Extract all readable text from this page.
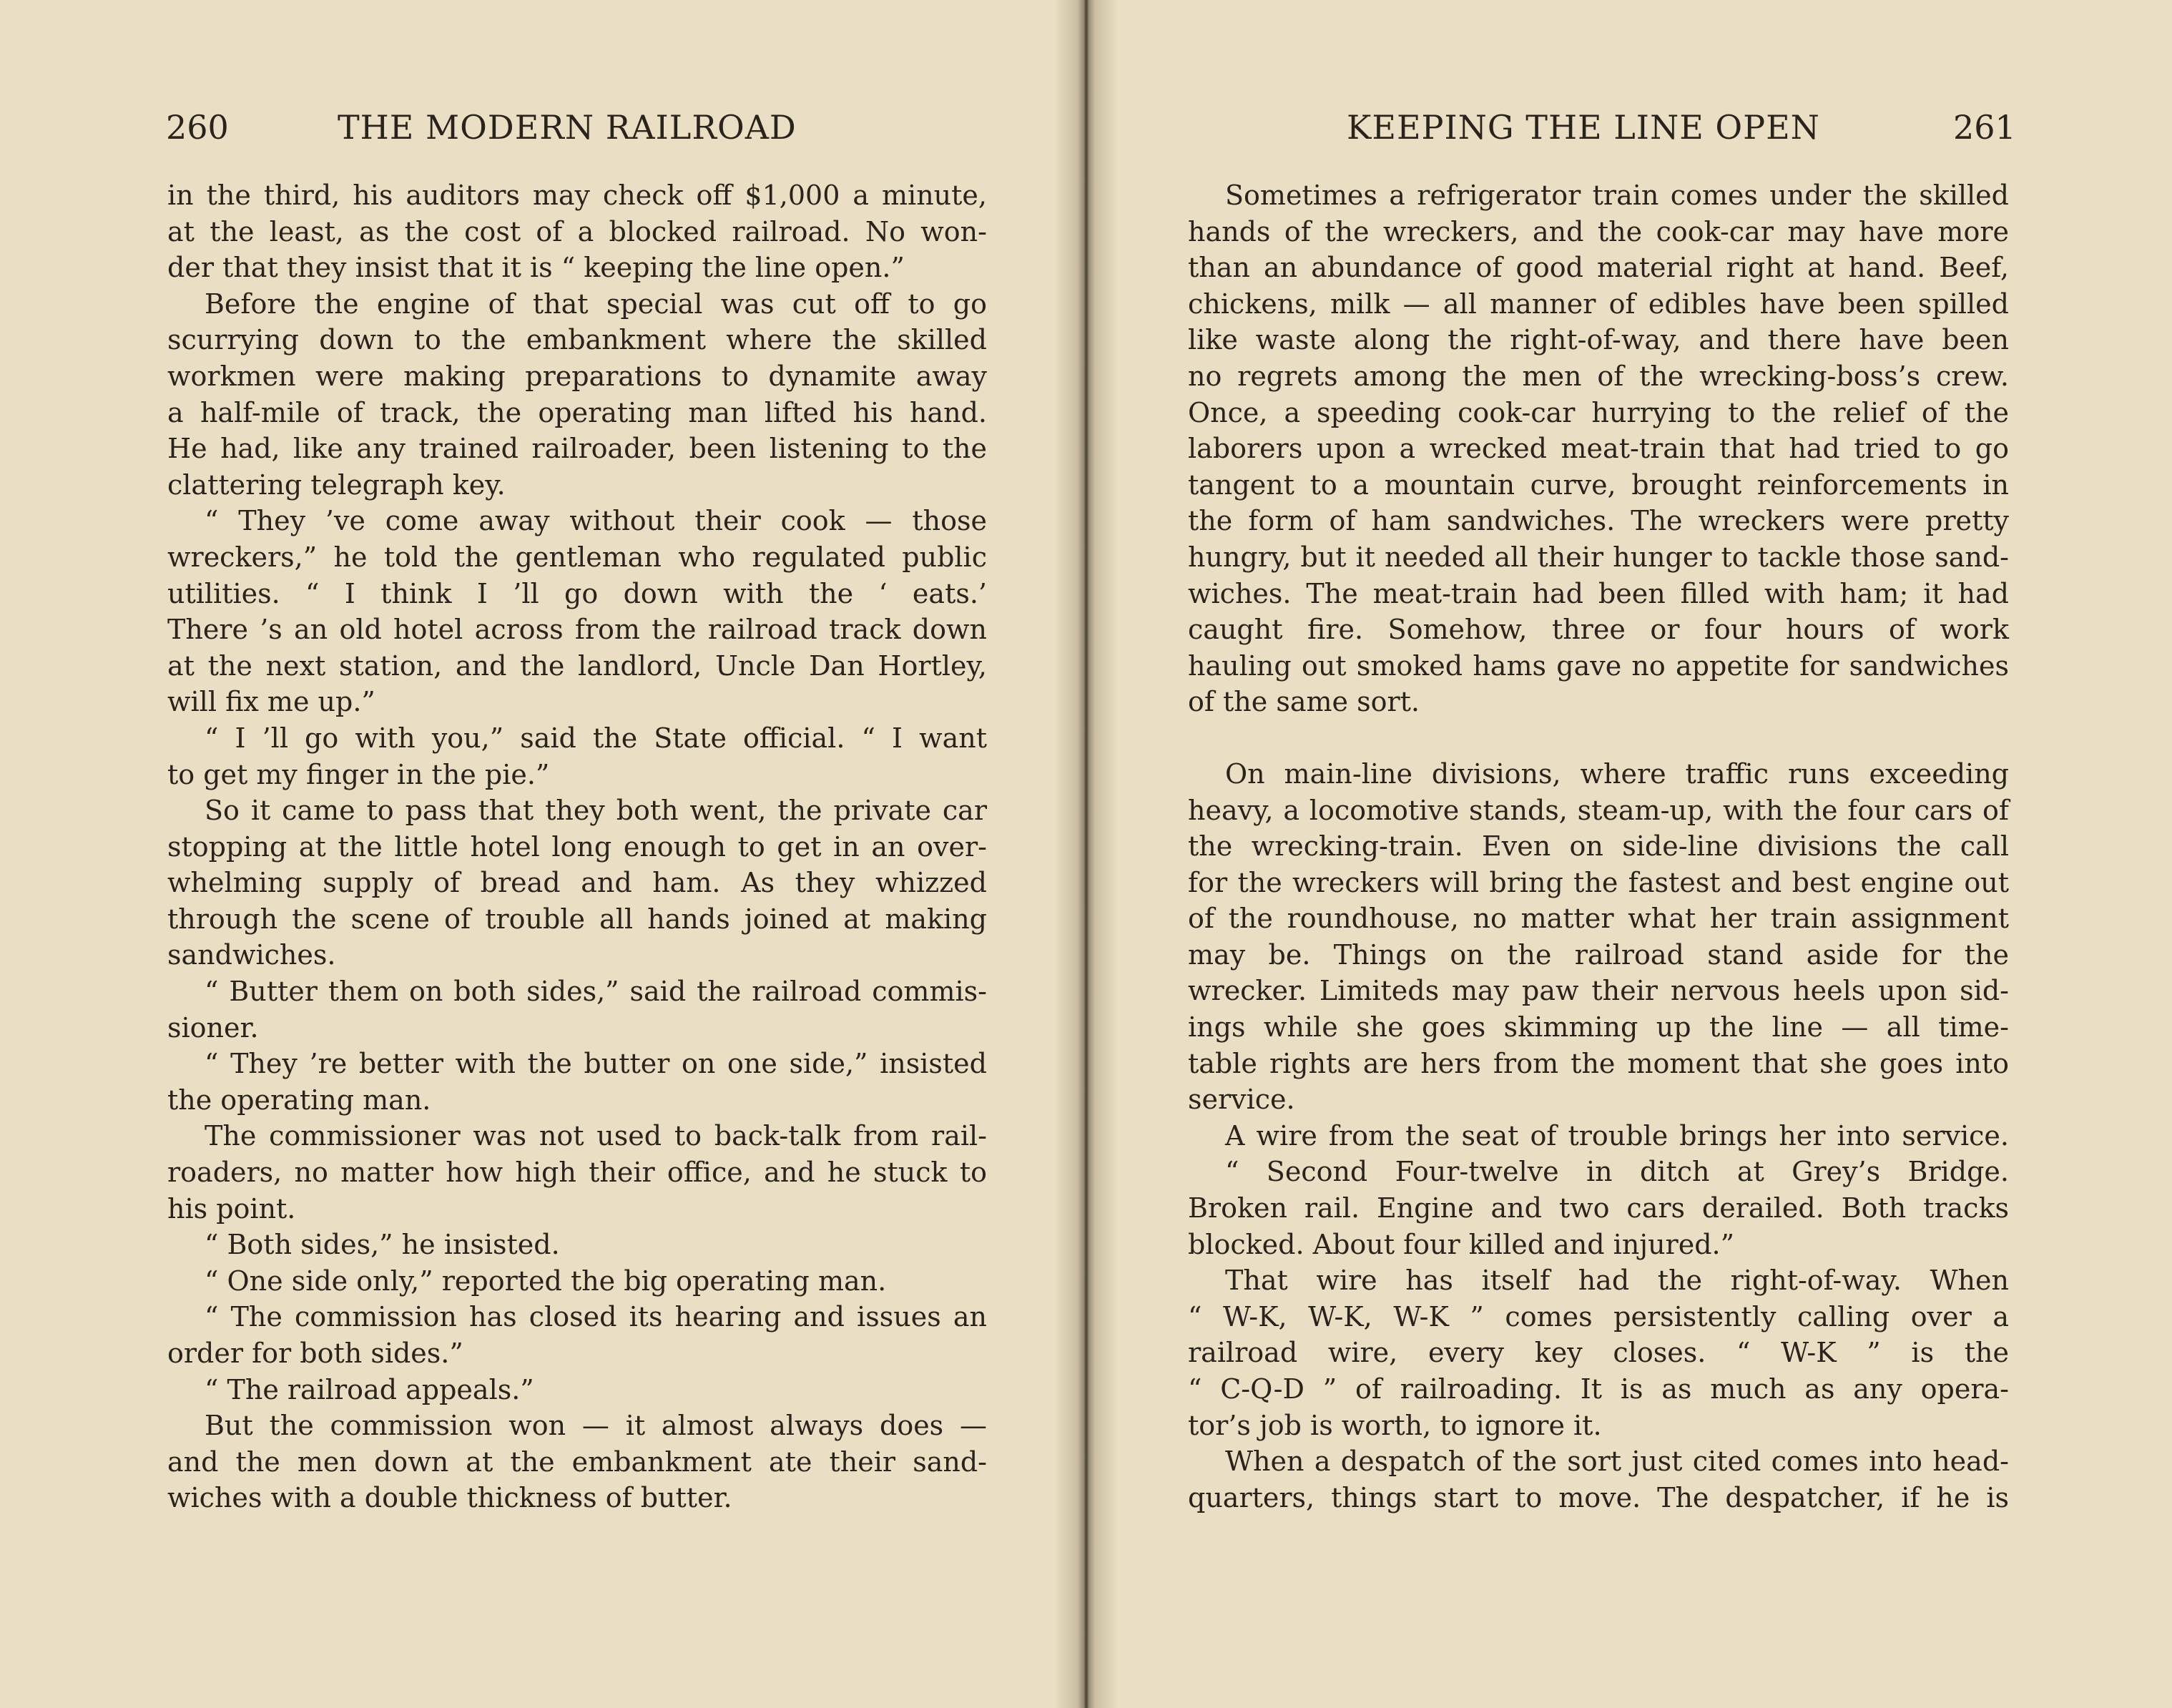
260	THE MODERN RAILROAD
in the third, his auditors may check off $1,000 a minute,
at the least, as the cost of a blocked railroad. No won-
der that they insist that it is “ keeping the line open.”
Before the engine of that special was cut off to go
scurrying down to the embankment where the skilled
workmen were making preparations to dynamite away
a half-mile of track, the operating man lifted his hand.
He had, like any trained railroader, been listening to the
clattering telegraph key.
“ They ’ve come away without their cook — those
wreckers,” he told the gentleman who regulated public
utilities. “ I think I ’ll go down with the ‘ eats.’
There ’s an old hotel across from the railroad track down
at the next station, and the landlord, Uncle Dan Hortley,
will fix me up.”
“ I ’ll go with you,” said the State official. “ I want
to get my finger in the pie.”
So it came to pass that they both went, the private car
stopping at the little hotel long enough to get in an over-
whelming supply of bread and ham. As they whizzed
through the scene of trouble all hands joined at making
sandwiches.
“ Butter them on both sides,” said the railroad commis-
sioner.
“ They ’re better with the butter on one side,” insisted
the operating man.
The commissioner was not used to back-talk from rail-
roaders, no matter how high their office, and he stuck to
his point.
“ Both sides,” he insisted.
“ One side only,” reported the big operating man.
“ The commission has closed its hearing and issues an
order for both sides.”
“ The railroad appeals.”
But the commission won — it almost always does —
and the men down at the embankment ate their sand-
wiches with a double thickness of butter.
KEEPING THE LINE OPEN	261
Sometimes a refrigerator train comes under the skilled
hands of the wreckers, and the cook-car may have more
than an abundance of good material right at hand. Beef,
chickens, milk — all manner of edibles have been spilled
like waste along the right-of-way, and there have been
no regrets among the men of the wrecking-boss’s crew.
Once, a speeding cook-car hurrying to the relief of the
laborers upon a wrecked meat-train that had tried to go
tangent to a mountain curve, brought reinforcements in
the form of ham sandwiches. The wreckers were pretty
hungry, but it needed all their hunger to tackle those sand-
wiches. The meat-train had been filled with ham; it had
caught fire. Somehow, three or four hours of work
hauling out smoked hams gave no appetite for sandwiches
of the same sort.
On main-line divisions, where traffic runs exceeding
heavy, a locomotive stands, steam-up, with the four cars of
the wrecking-train. Even on side-line divisions the call
for the wreckers will bring the fastest and best engine out
of the roundhouse, no matter what her train assignment
may be. Things on the railroad stand aside for the
wrecker. Limiteds may paw their nervous heels upon sid-
ings while she goes skimming up the line — all time-
table rights are hers from the moment that she goes into
service.
A wire from the seat of trouble brings her into service.
“ Second Four-twelve in ditch at Grey’s Bridge.
Broken rail. Engine and two cars derailed. Both tracks
blocked. About four killed and injured.”
That wire has itself had the right-of-way. When
“ W-K, W-K, W-K ” comes persistently calling over a
railroad wire, every key closes. “ W-K ” is the
“ C-Q-D ” of railroading. It is as much as any opera-
tor’s job is worth, to ignore it.
When a despatch of the sort just cited comes into head-
quarters, things start to move. The despatcher, if he is
